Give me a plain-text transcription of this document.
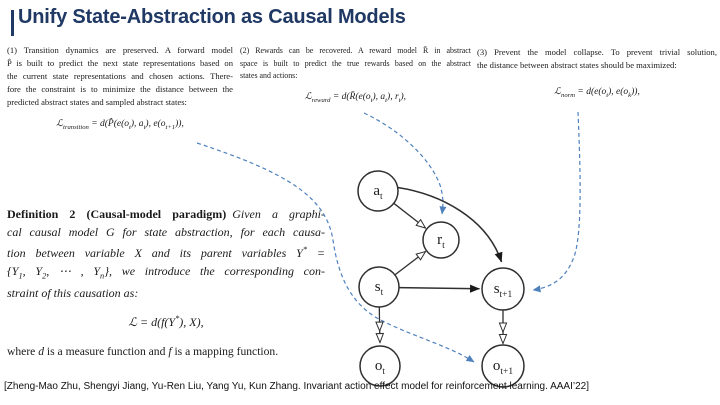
Unify State-Abstraction as Causal Models
(1) Transition dynamics are preserved. A forward model
P̂ is built to predict the next state representations based on
the current state representations and chosen actions. There-
fore the constraint is to minimize the distance between the
predicted abstract states and sampled abstract states:
ℒ$_{transition}$ = $d(P̂(e(o_t)$, $a_t$), $e(o_{t+1})$),
(2) Rewards can be recovered. A reward model R̄ in abstract
space is built to predict the true rewards based on the abstract
states and actions:
ℒ$_{reward}$ = $d(R̄(e(o_t)$, $a_t$), $r_t$),
(3) Prevent the model collapse. To prevent trivial solution,
the distance between abstract states should be maximized:
ℒ$_{norm}$ = $d(e(o_t)$, $e(o_k)$),
Definition 2 (Causal-model paradigm)  Given a graphi-
cal causal model G for state abstraction, for each causa-
tion between variable X and its parent variables Y* =
{$Y_1$, $Y_2$, ⋯ , $Y_n$}, we introduce the corresponding con-
straint of this causation as:
ℒ = d(f(Y*), X),
where d is a measure function and f is a mapping function.
$a_t$
$r_t$
$s_t$	$s_{t+1}$
$o_t$	$o_{t+1}$
[Zheng-Mao Zhu, Shengyi Jiang, Yu-Ren Liu, Yang Yu, Kun Zhang. Invariant action effect model for reinforcement learning. AAAI’22]
